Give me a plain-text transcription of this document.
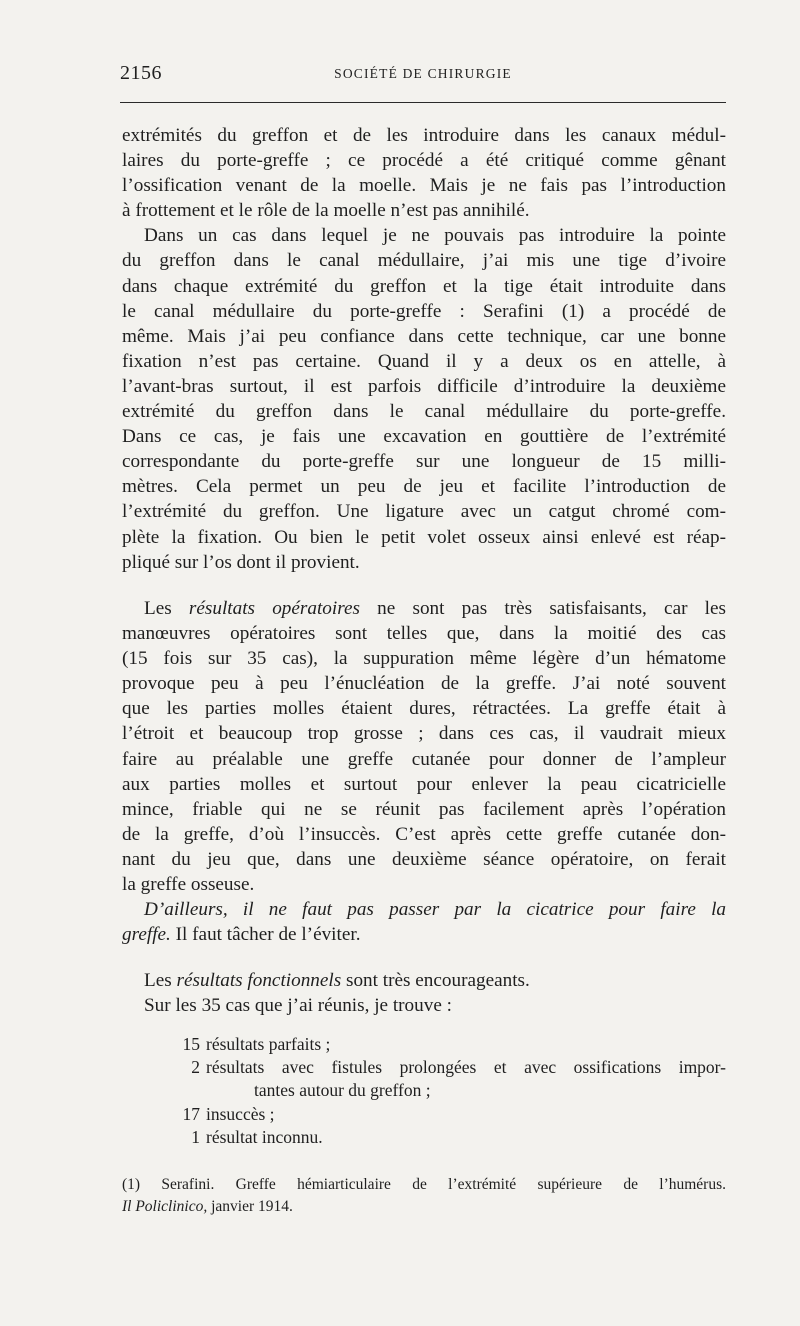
2156	SOCIÉTÉ DE CHIRURGIE
extrémités du greffon et de les introduire dans les canaux médul-
laires du porte-greffe ; ce procédé a été critiqué comme gênant
l’ossification venant de la moelle. Mais je ne fais pas l’introduction
à frottement et le rôle de la moelle n’est pas annihilé.
Dans un cas dans lequel je ne pouvais pas introduire la pointe
du greffon dans le canal médullaire, j’ai mis une tige d’ivoire
dans chaque extrémité du greffon et la tige était introduite dans
le canal médullaire du porte-greffe : Serafini (1) a procédé de
même. Mais j’ai peu confiance dans cette technique, car une bonne
fixation n’est pas certaine. Quand il y a deux os en attelle, à
l’avant-bras surtout, il est parfois difficile d’introduire la deuxième
extrémité du greffon dans le canal médullaire du porte-greffe.
Dans ce cas, je fais une excavation en gouttière de l’extrémité
correspondante du porte-greffe sur une longueur de 15 milli-
mètres. Cela permet un peu de jeu et facilite l’introduction de
l’extrémité du greffon. Une ligature avec un catgut chromé com-
plète la fixation. Ou bien le petit volet osseux ainsi enlevé est réap-
pliqué sur l’os dont il provient.
Les résultats opératoires ne sont pas très satisfaisants, car les
manœuvres opératoires sont telles que, dans la moitié des cas
(15 fois sur 35 cas), la suppuration même légère d’un hématome
provoque peu à peu l’énucléation de la greffe. J’ai noté souvent
que les parties molles étaient dures, rétractées. La greffe était à
l’étroit et beaucoup trop grosse ; dans ces cas, il vaudrait mieux
faire au préalable une greffe cutanée pour donner de l’ampleur
aux parties molles et surtout pour enlever la peau cicatricielle
mince, friable qui ne se réunit pas facilement après l’opération
de la greffe, d’où l’insuccès. C’est après cette greffe cutanée don-
nant du jeu que, dans une deuxième séance opératoire, on ferait
la greffe osseuse.
D’ailleurs, il ne faut pas passer par la cicatrice pour faire la
greffe. Il faut tâcher de l’éviter.
Les résultats fonctionnels sont très encourageants.
Sur les 35 cas que j’ai réunis, je trouve :
15 résultats parfaits ;
2 résultats avec fistules prolongées et avec ossifications impor-
tantes autour du greffon ;
17 insuccès ;
1 résultat inconnu.
(1) Serafini. Greffe hémiarticulaire de l’extrémité supérieure de l’humérus.
Il Policlinico, janvier 1914.
